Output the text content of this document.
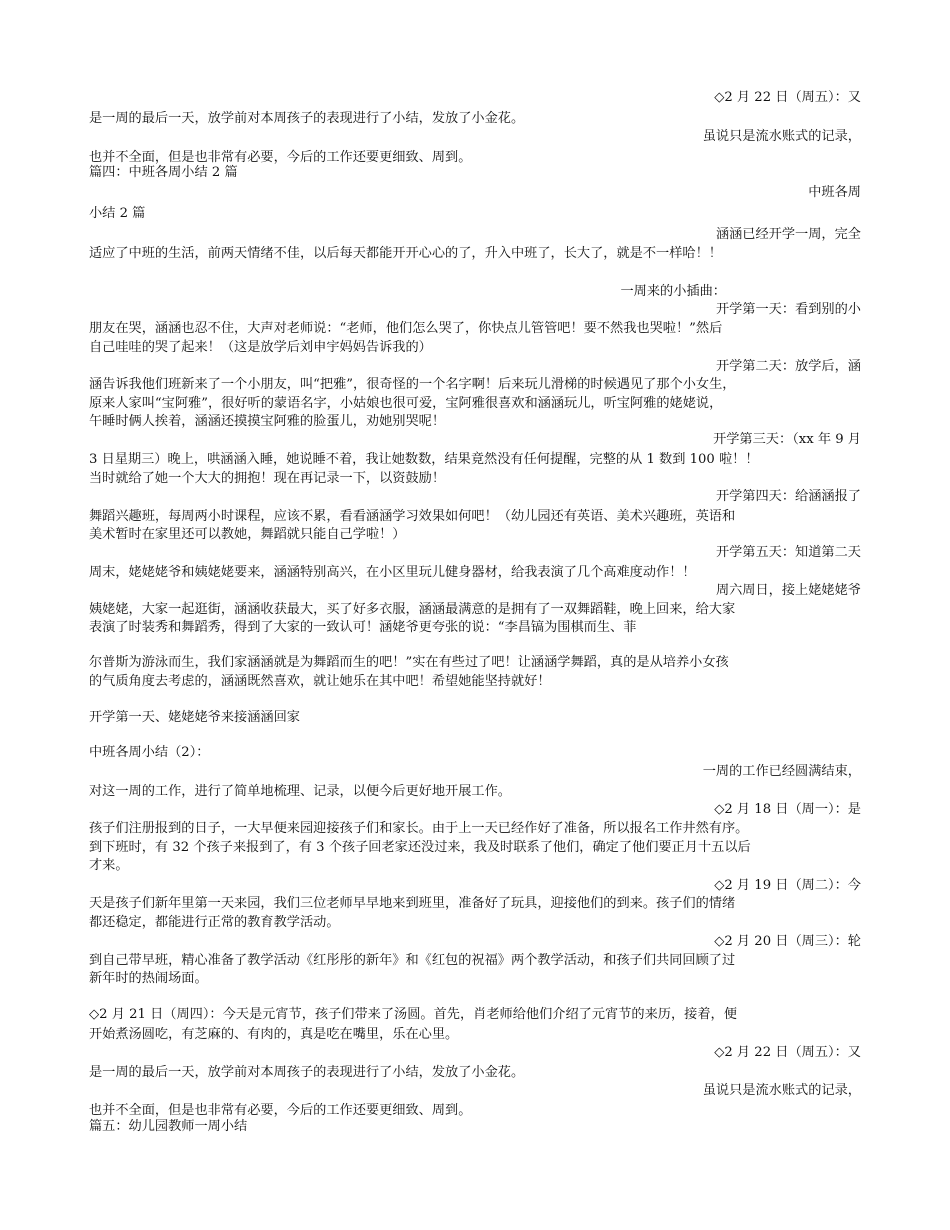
◇2 月 22 日（周五）：又
是一周的最后一天，放学前对本周孩子的表现进行了小结，发放了小金花。
虽说只是流水账式的记录，
也并不全面，但是也非常有必要，今后的工作还要更细致、周到。
篇四：中班各周小结 2 篇
中班各周
小结 2 篇
涵涵已经开学一周，完全
适应了中班的生活，前两天情绪不佳，以后每天都能开开心心的了，升入中班了，长大了，就是不一样哈！！
一周来的小插曲：
开学第一天：看到别的小
朋友在哭，涵涵也忍不住，大声对老师说：“老师，他们怎么哭了，你快点儿管管吧！要不然我也哭啦！”然后
自己哇哇的哭了起来！（这是放学后刘申宇妈妈告诉我的）
开学第二天：放学后，涵
涵告诉我他们班新来了一个小朋友，叫“把雅”，很奇怪的一个名字啊！后来玩儿滑梯的时候遇见了那个小女生，
原来人家叫“宝阿雅”，很好听的蒙语名字，小姑娘也很可爱，宝阿雅很喜欢和涵涵玩儿，听宝阿雅的姥姥说，
午睡时俩人挨着，涵涵还摸摸宝阿雅的脸蛋儿，劝她别哭呢！
开学第三天：（xx 年 9 月
3 日星期三）晚上，哄涵涵入睡，她说睡不着，我让她数数，结果竟然没有任何提醒，完整的从 1 数到 100 啦！！
当时就给了她一个大大的拥抱！现在再记录一下，以资鼓励！
开学第四天：给涵涵报了
舞蹈兴趣班，每周两小时课程，应该不累，看看涵涵学习效果如何吧！（幼儿园还有英语、美术兴趣班，英语和
美术暂时在家里还可以教她，舞蹈就只能自己学啦！）
开学第五天：知道第二天
周末，姥姥姥爷和姨姥姥要来，涵涵特别高兴，在小区里玩儿健身器材，给我表演了几个高难度动作！！
周六周日，接上姥姥姥爷
姨姥姥，大家一起逛街，涵涵收获最大，买了好多衣服，涵涵最满意的是拥有了一双舞蹈鞋，晚上回来，给大家
表演了时装秀和舞蹈秀，得到了大家的一致认可！涵姥爷更夸张的说：“李昌镐为围棋而生、菲
尔普斯为游泳而生，我们家涵涵就是为舞蹈而生的吧！”实在有些过了吧！让涵涵学舞蹈，真的是从培养小女孩
的气质角度去考虑的，涵涵既然喜欢，就让她乐在其中吧！希望她能坚持就好！
开学第一天、姥姥姥爷来接涵涵回家
中班各周小结（2）：
一周的工作已经圆满结束，
对这一周的工作，进行了简单地梳理、记录，以便今后更好地开展工作。
◇2 月 18 日（周一）：是
孩子们注册报到的日子，一大早便来园迎接孩子们和家长。由于上一天已经作好了准备，所以报名工作井然有序。
到下班时，有 32 个孩子来报到了，有 3 个孩子回老家还没过来，我及时联系了他们，确定了他们要正月十五以后
才来。
◇2 月 19 日（周二）：今
天是孩子们新年里第一天来园，我们三位老师早早地来到班里，准备好了玩具，迎接他们的到来。孩子们的情绪
都还稳定，都能进行正常的教育教学活动。
◇2 月 20 日（周三）：轮
到自己带早班，精心准备了教学活动《红彤彤的新年》和《红包的祝福》两个教学活动，和孩子们共同回顾了过
新年时的热闹场面。
◇2 月 21 日（周四）：今天是元宵节，孩子们带来了汤圆。首先，肖老师给他们介绍了元宵节的来历，接着，便
开始煮汤圆吃，有芝麻的、有肉的，真是吃在嘴里，乐在心里。
◇2 月 22 日（周五）：又
是一周的最后一天，放学前对本周孩子的表现进行了小结，发放了小金花。
虽说只是流水账式的记录，
也并不全面，但是也非常有必要，今后的工作还要更细致、周到。
篇五：幼儿园教师一周小结
